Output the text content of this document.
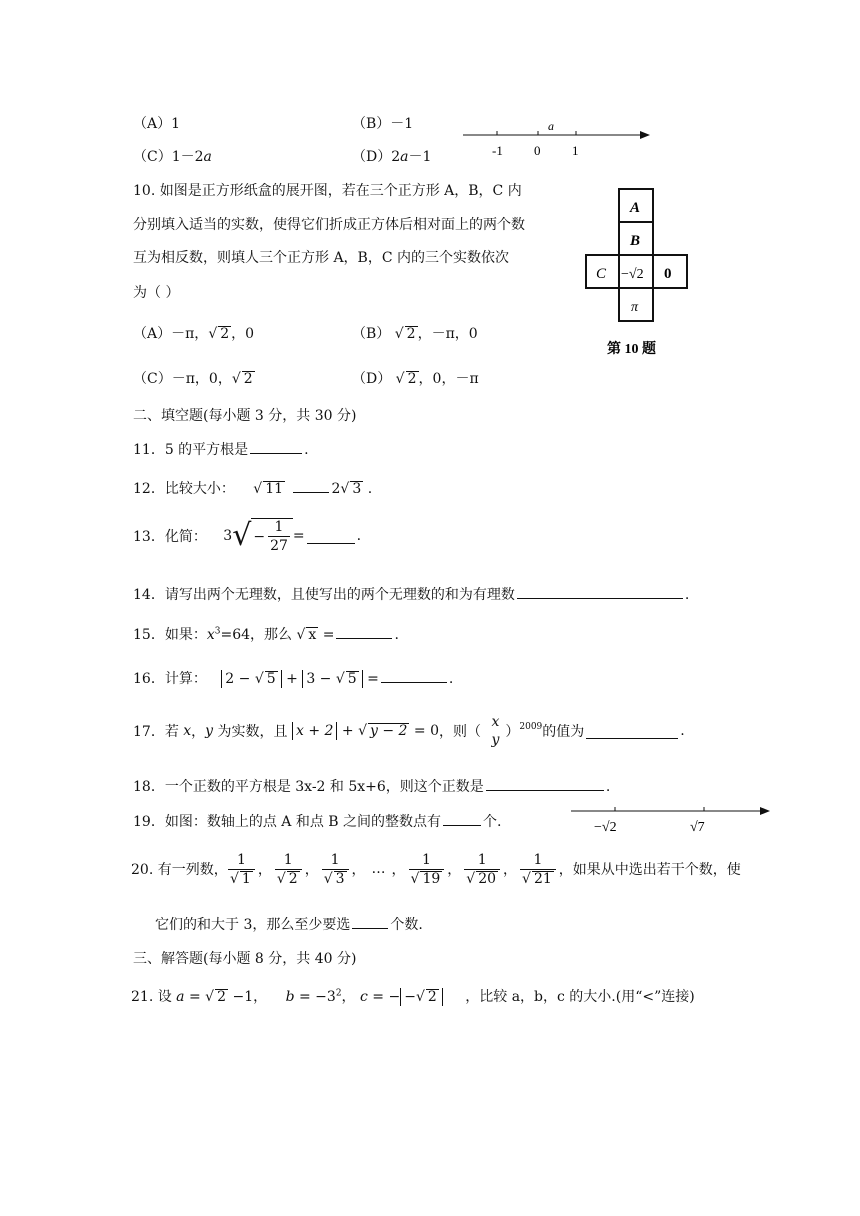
（A）1	（B）－1
（C）1－2a	（D）2a－1
a
-1 0 1
10. 如图是正方形纸盒的展开图，若在三个正方形 A，B，C 内
分别填入适当的实数，使得它们折成正方体后相对面上的两个数
互为相反数，则填人三个正方形 A，B，C 内的三个实数依次
为（ ）
（A）－π，√ 2 ，0	（B） √ 2 ，－π，0
（C）－π，0，√ 2	（D） √ 2 ，0，－π
A
B
C −√2 0
π
第 10 题
二、填空题(每小题 3 分，共 30 分)
11．5 的平方根是	.
12．比较大小： √ 11	2√ 3 .
13．化简： 3 √ − $\frac{1}{27}$ =	.
14．请写出两个无理数，且使写出的两个无理数的和为有理数	.
15．如果：$x^3=64$，那么 √ x =	.
16．计算： 2 − √ 5 + 3 − √ 5 =	.
17．若 x，y 为实数，且 x + 2 + √ y − 2 = 0，则（
x
y ）$^{2009}$的值为	.
18．一个正数的平方根是 3x-2 和 5x+6，则这个正数是	.
19．如图：数轴上的点 A 和点 B 之间的整数点有	个.	−√2	√7
20. 有一列数， $\frac{1}{√ 1}$ ， $\frac{1}{√ 2}$ ， $\frac{1}{√ 3}$ ， … ， $\frac{1}{√ 19}$ ， $\frac{1}{√ 20}$ ， $\frac{1}{√ 21}$ ，如果从中选出若干个数，使
它们的和大于 3，那么至少要选	个数.
三、解答题(每小题 8 分，共 40 分)
21. 设 a = √ 2 −1， $b = -3^2$， c = − −√ 2 ，比较 a，b，c 的大小.(用“<”连接)
